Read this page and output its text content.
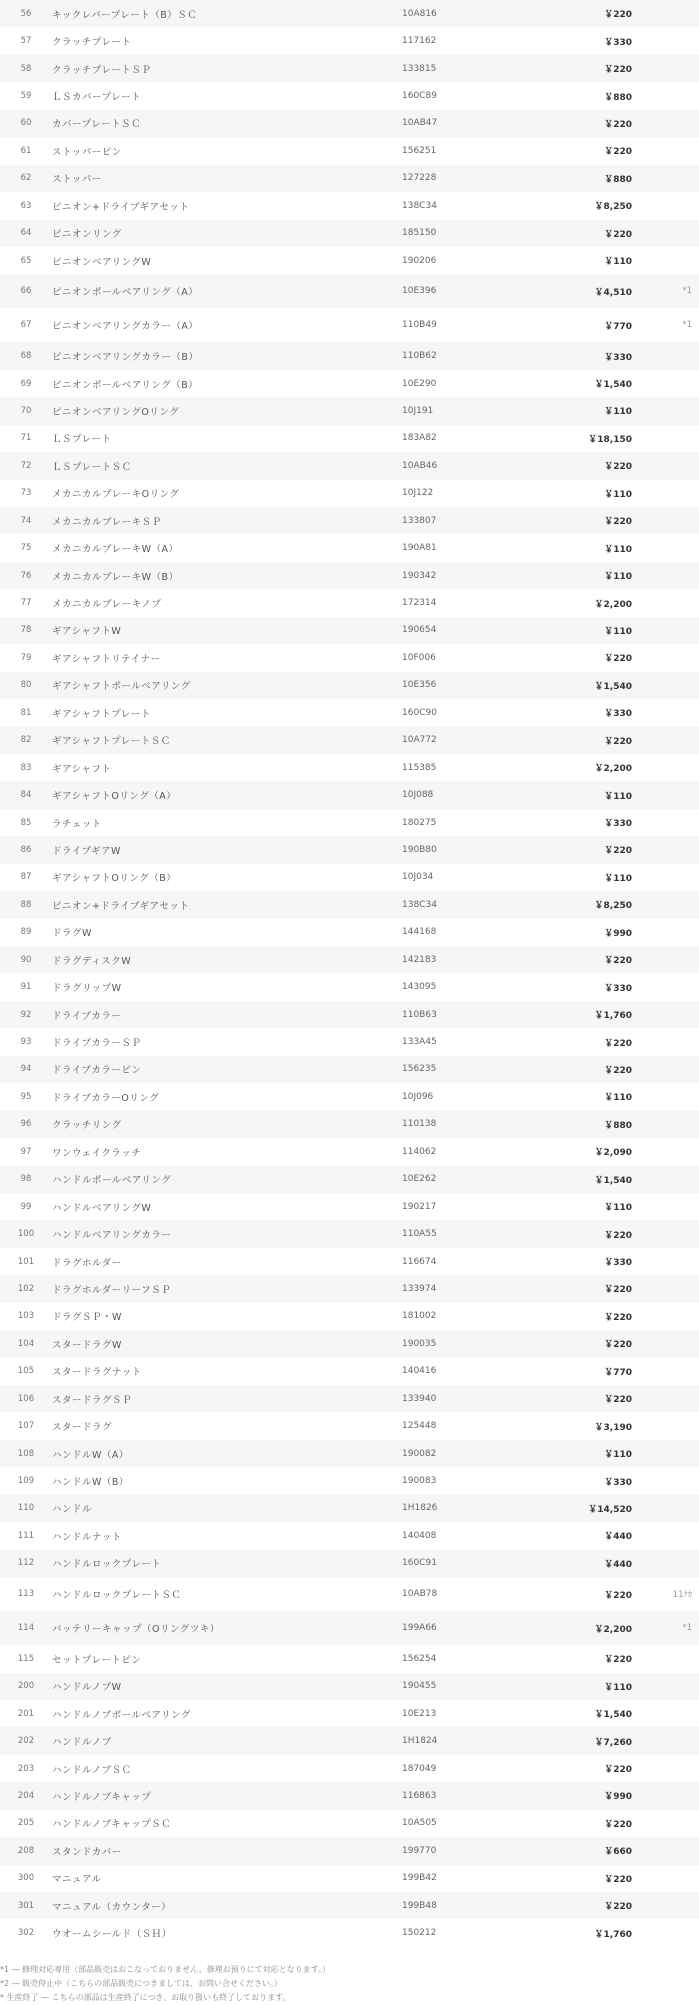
56	キックレバープレート（B）ＳＣ	10A816	￥220
57	クラッチプレート	117162	￥330
58	クラッチプレートＳＰ	133815	￥220
59	ＬＳカバープレート	160C89	￥880
60	カバープレートＳＣ	10AB47	￥220
61	ストッパーピン	156251	￥220
62	ストッパー	127228	￥880
63	ピニオン+ドライブギアセット	138C34	￥8,250
64	ピニオンリング	185150	￥220
65	ピニオンベアリングW	190206	￥110
66	ピニオンボールベアリング（A）	10E396	￥4,510	*1
67	ピニオンベアリングカラー（A）	110B49	￥770	*1
68	ピニオンベアリングカラー（B）	110B62	￥330
69	ピニオンボールベアリング（B）	10E290	￥1,540
70	ピニオンベアリングOリング	10J191	￥110
71	ＬＳプレート	183A82	￥18,150
72	ＬＳプレートＳＣ	10AB46	￥220
73	メカニカルブレーキOリング	10J122	￥110
74	メカニカルブレーキＳＰ	133807	￥220
75	メカニカルブレーキW（A）	190A81	￥110
76	メカニカルブレーキW（B）	190342	￥110
77	メカニカルブレーキノブ	172314	￥2,200
78	ギアシャフトW	190654	￥110
79	ギアシャフトリテイナー	10F006	￥220
80	ギアシャフトボールベアリング	10E356	￥1,540
81	ギアシャフトプレート	160C90	￥330
82	ギアシャフトプレートＳＣ	10A772	￥220
83	ギアシャフト	115385	￥2,200
84	ギアシャフトOリング（A）	10J088	￥110
85	ラチェット	180275	￥330
86	ドライブギアW	190B80	￥220
87	ギアシャフトOリング（B）	10J034	￥110
88	ピニオン+ドライブギアセット	138C34	￥8,250
89	ドラグW	144168	￥990
90	ドラグディスクW	142183	￥220
91	ドラグリップW	143095	￥330
92	ドライブカラー	110B63	￥1,760
93	ドライブカラーＳＰ	133A45	￥220
94	ドライブカラーピン	156235	￥220
95	ドライブカラーOリング	10J096	￥110
96	クラッチリング	110138	￥880
97	ワンウェイクラッチ	114062	￥2,090
98	ハンドルボールベアリング	10E262	￥1,540
99	ハンドルベアリングW	190217	￥110
100	ハンドルベアリングカラー	110A55	￥220
101	ドラグホルダー	116674	￥330
102	ドラグホルダーリーフＳＰ	133974	￥220
103	ドラグＳＰ・W	181002	￥220
104	スタードラグW	190035	￥220
105	スタードラグナット	140416	￥770
106	スタードラグＳＰ	133940	￥220
107	スタードラグ	125448	￥3,190
108	ハンドルW（A）	190082	￥110
109	ハンドルW（B）	190083	￥330
110	ハンドル	1H1826	￥14,520
111	ハンドルナット	140408	￥440
112	ハンドルロックプレート	160C91	￥440
113	ハンドルロックプレートＳＣ	10AB78	￥220	11ｹｶ
114	バッテリーキャップ（Oリングツキ）	199A66	￥2,200	*1
115	セットプレートピン	156254	￥220
200	ハンドルノブW	190455	￥110
201	ハンドルノブボールベアリング	10E213	￥1,540
202	ハンドルノブ	1H1824	￥7,260
203	ハンドルノブＳＣ	187049	￥220
204	ハンドルノブキャップ	116863	￥990
205	ハンドルノブキャップＳＣ	10A505	￥220
208	スタンドカバー	199770	￥660
300	マニュアル	199B42	￥220
301	マニュアル（カウンター）	199B48	￥220
302	ウオームシールド（ＳＨ）	150212	￥1,760
*1 ― 修理対応専用（部品販売はおこなっておりません。修理お預りにて対応となります。）
*2 ― 販売停止中（こちらの部品販売につきましては、お問い合せください。）
* 生産終了 ― こちらの部品は生産終了につき、お取り扱いも終了しております。
